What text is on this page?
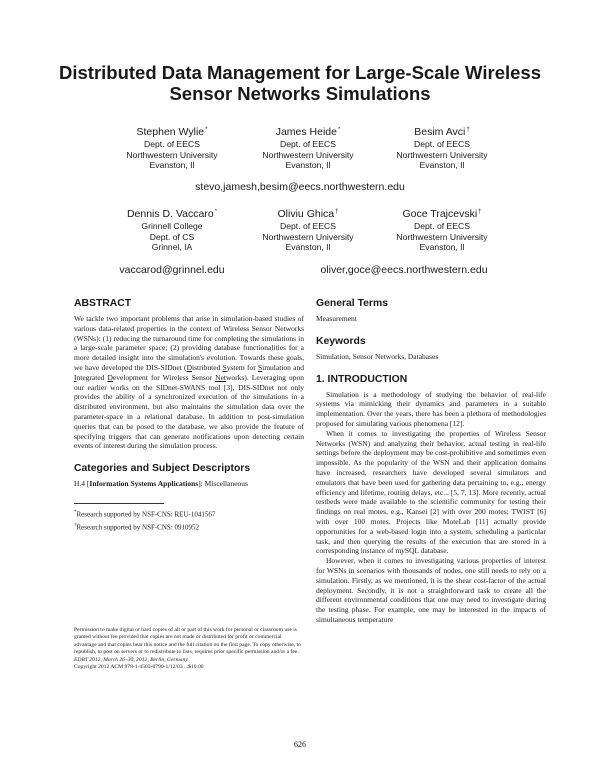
Distributed Data Management for Large-Scale Wireless
Sensor Networks Simulations
Stephen Wylie*
Dept. of EECS
Northwestern University
Evanston, Il
James Heide*
Dept. of EECS
Northwestern University
Evanston, Il
Besim Avci†
Dept. of EECS
Northwestern University
Evanston, Il
stevo,jamesh,besim@eecs.northwestern.edu
Dennis D. Vaccaro*
Grinnell College
Dept. of CS
Grinnel, IA
Oliviu Ghica†
Dept. of EECS
Northwestern University
Evanston, Il
Goce Trajcevski†
Dept. of EECS
Northwestern University
Evanston, Il
vaccarod@grinnel.edu	oliver,goce@eecs.northwestern.edu
ABSTRACT

We tackle two important problems that arise in simulation-based studies of various data-related properties in the context of Wireless Sensor Networks (WSNs): (1) reducing the turnaround time for completing the simulations in a large-scale parameter space; (2) providing database functionalities for a more detailed insight into the simulation's evolution. Towards these goals, we have developed the DIS-SIDnet (Distributed System for Simulation and Integrated Development for Wireless Sensor Networks). Leveraging upon our earlier works on the SIDnet-SWANS tool [3], DIS-SIDnet not only provides the ability of a synchronized execution of the simulations in a distributed environment, but also maintains the simulation data over the parameter-space in a relational database. In addition to post-simulation queries that can be posed to the database, we also provide the feature of specifying triggers that can generate notifications upon detecting certain events of interest during the simulation process.

Categories and Subject Descriptors

H.4 [Information Systems Applications]: Miscellaneous

*Research supported by NSF-CNS: REU-1041567
†Research supported by NSF-CNS: 0910952
Permission to make digital or hard copies of all or part of this work for personal or classroom use is granted without fee provided that copies are not made or distributed for profit or commercial advantage and that copies bear this notice and the full citation on the first page. To copy otherwise, to republish, to post on servers or to redistribute to lists, requires prior specific permission and/or a fee.
EDBT 2012, March 26–30, 2012, Berlin, Germany.
Copyright 2012 ACM 978-1-4503-0790-1/12/03 ...$10.00
General Terms

Measurement

Keywords

Simulation, Sensor Networks, Databases

1. INTRODUCTION

Simulation is a methodology of studying the behavior of real-life systems via mimicking their dynamics and parameters in a suitable implementation. Over the years, there has been a plethora of methodologies proposed for simulating various phenomena [12].

When it comes to investigating the properties of Wireless Sensor Networks (WSN) and analyzing their behavior, actual testing in real-life settings before the deployment may be cost-prohibitive and sometimes even impossible. As the popularity of the WSN and their application domains have increased, researchers have developed several simulators and emulators that have been used for gathering data pertaining to, e.g., energy efficiency and lifetime, routing delays, etc... [5, 7, 13]. More recently, actual testbeds were made available to the scientific community for testing their findings on real motes, e.g., Kansei [2] with over 200 motes; TWIST [6] with over 100 motes. Projects like MoteLab [11] actually provide opportunities for a web-based login into a system, scheduling a particular task, and then querying the results of the execution that are stored in a corresponding instance of mySQL database.

However, when it comes to investigating various properties of interest for WSNs in scenarios with thousands of nodes, one still needs to rely on a simulation. Firstly, as we mentioned, it is the shear cost-factor of the actual deployment. Secondly, it is not a straightforward task to create all the different environmental conditions that one may need to investigate during the testing phase. For example, one may be interested in the impacts of simultaneous temperature

626
